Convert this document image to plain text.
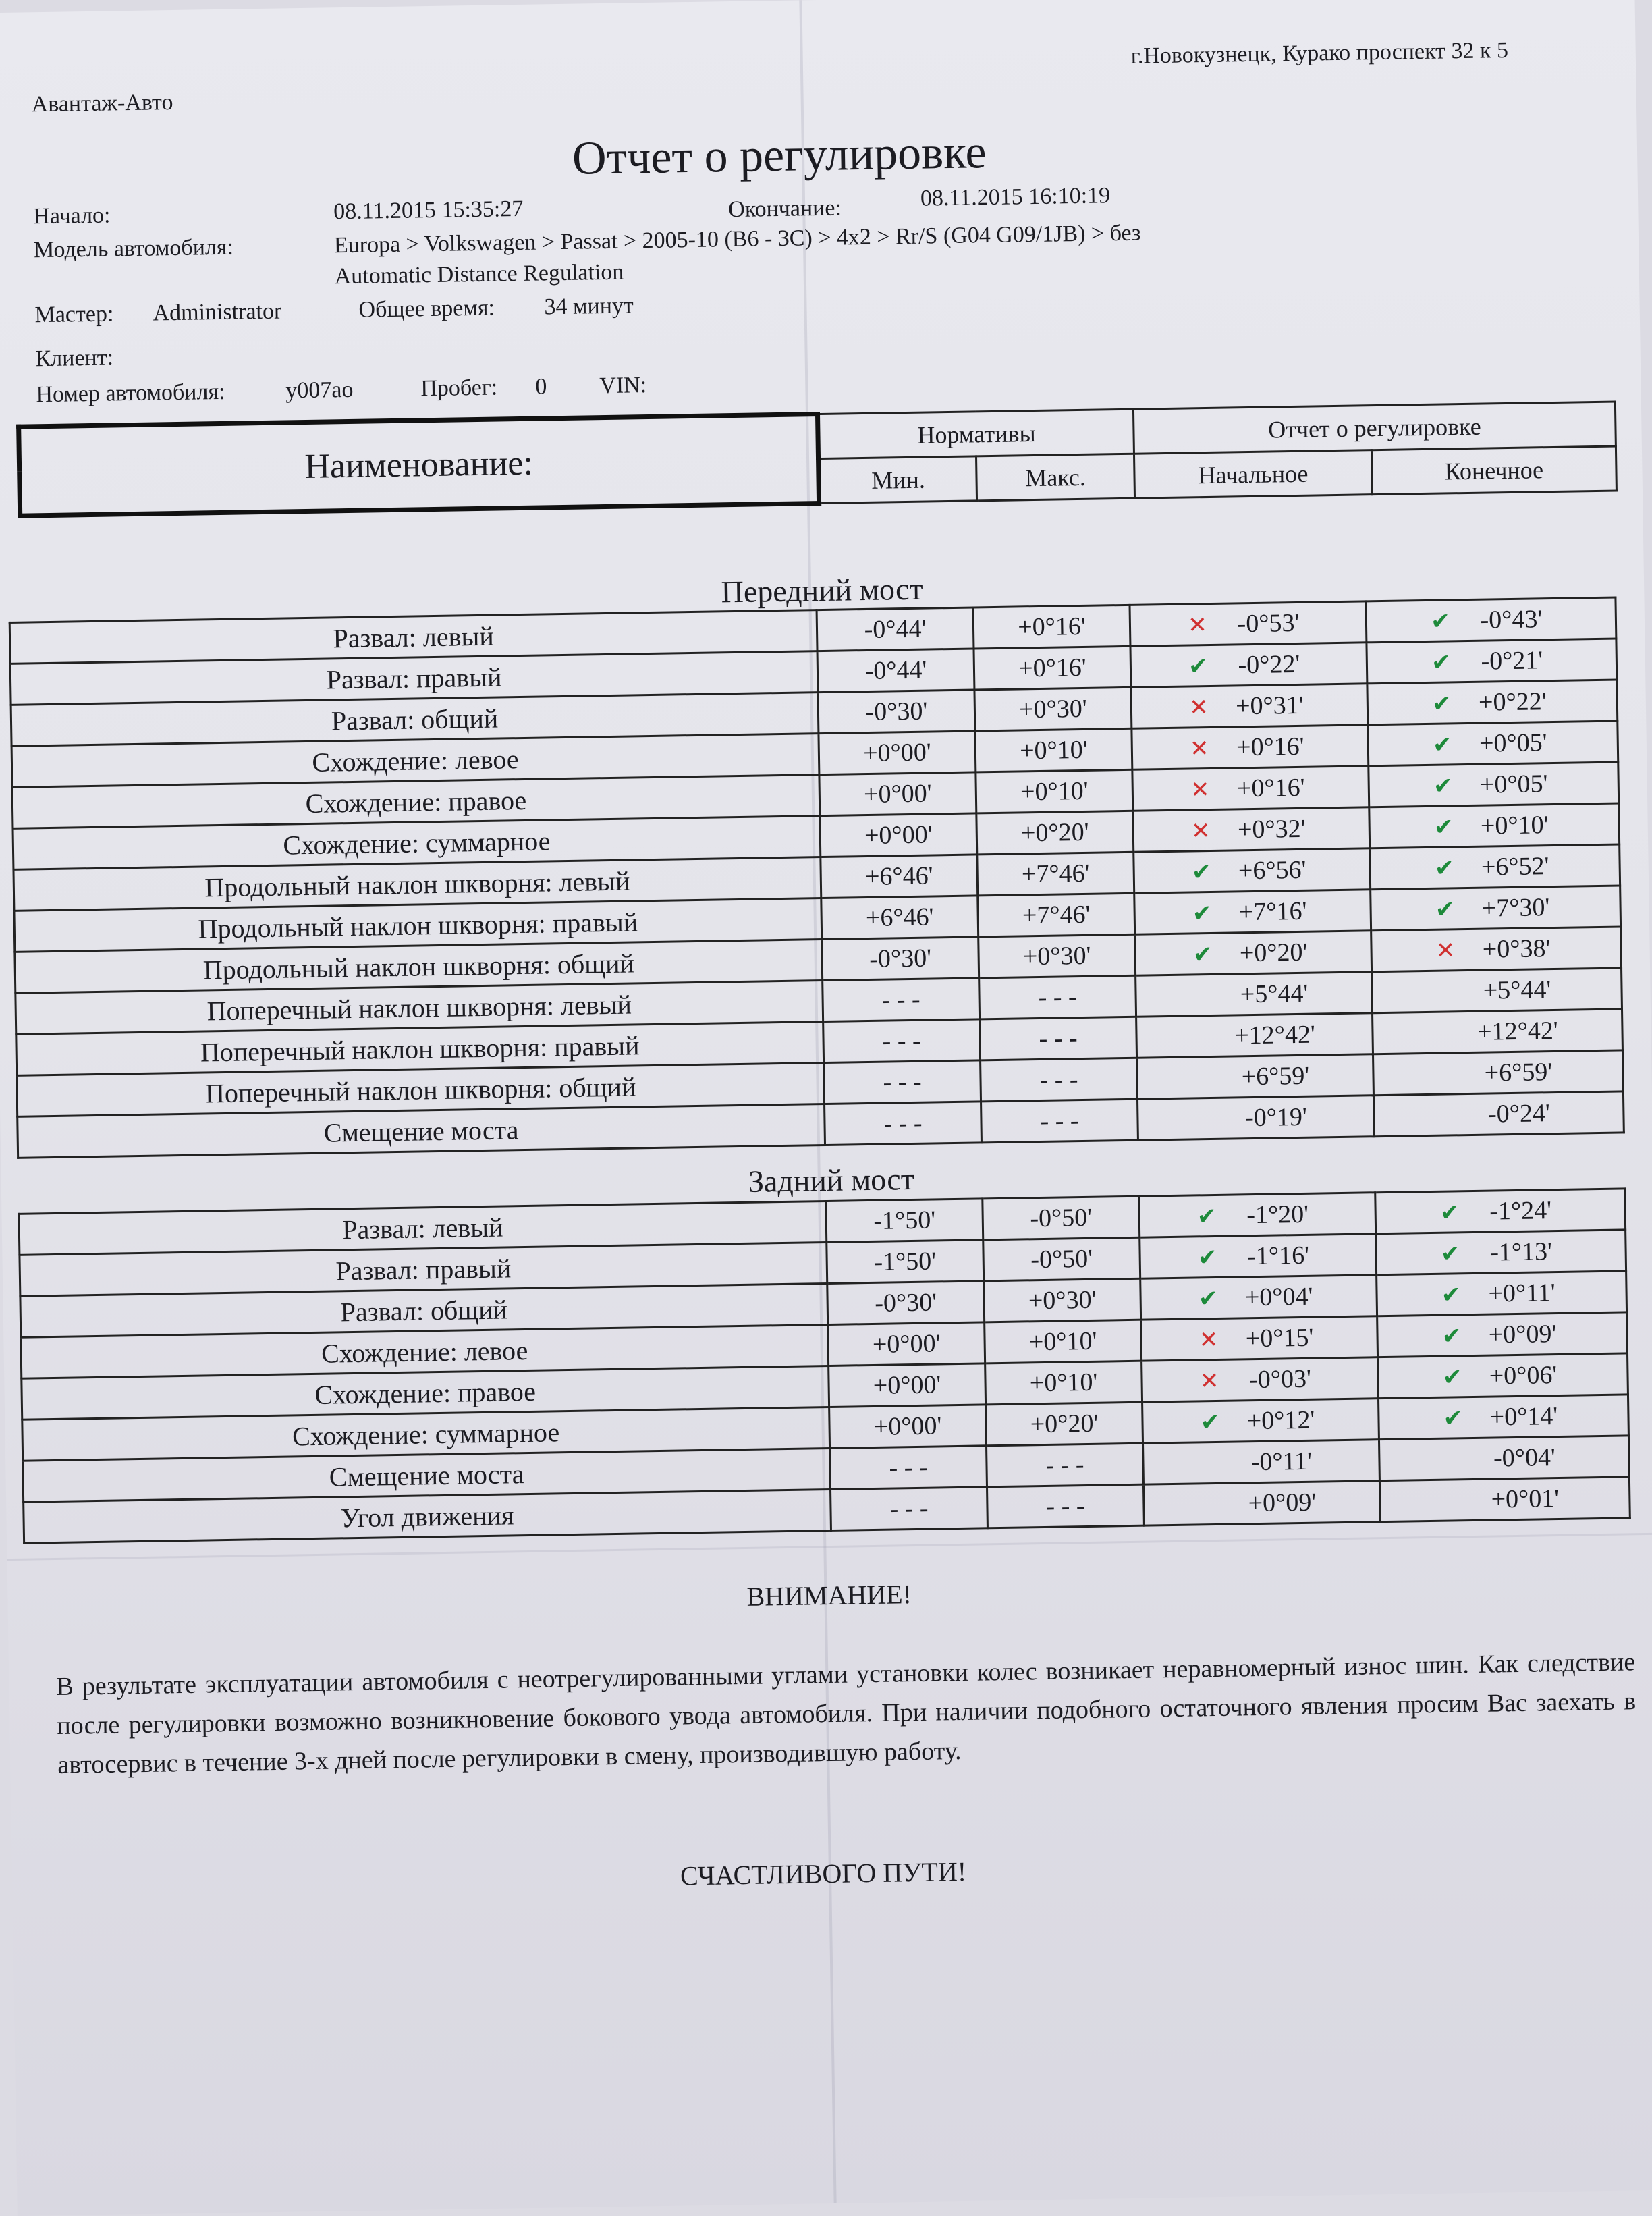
Авантаж-Авто
г.Новокузнецк, Курако проспект 32 к 5
Отчет о регулировке
Начало:	08.11.2015 15:35:27	Окончание:	08.11.2015 16:10:19
Модель автомобиля:	Europa > Volkswagen > Passat > 2005-10 (B6 - 3C) > 4x2 > Rr/S (G04 G09/1JB) > без
Automatic Distance Regulation
Мастер: Administrator	Общее время: 34 минут
Клиент:
Номер автомобиля:	у007ао	Пробег: 0 VIN:
Наименование:	Нормативы		Отчет о регулировке	
	Мин.	Макс.	Начальное	Конечное
Передний мост
Развал: левый	-0°44'	+0°16'	✕ -0°53'	✔ -0°43'
Развал: правый	-0°44'	+0°16'	✔ -0°22'	✔ -0°21'
Развал: общий	-0°30'	+0°30'	✕ +0°31'	✔ +0°22'
Схождение: левое	+0°00'	+0°10'	✕ +0°16'	✔ +0°05'
Схождение: правое	+0°00'	+0°10'	✕ +0°16'	✔ +0°05'
Схождение: суммарное	+0°00'	+0°20'	✕ +0°32'	✔ +0°10'
Продольный наклон шкворня: левый	+6°46'	+7°46'	✔ +6°56'	✔ +6°52'
Продольный наклон шкворня: правый	+6°46'	+7°46'	✔ +7°16'	✔ +7°30'
Продольный наклон шкворня: общий	-0°30'	+0°30'	✔ +0°20'	✕ +0°38'
Поперечный наклон шкворня: левый	- - -	- - -	+5°44'	+5°44'
Поперечный наклон шкворня: правый	- - -	- - -	+12°42'	+12°42'
Поперечный наклон шкворня: общий	- - -	- - -	+6°59'	+6°59'
Смещение моста	- - -	- - -	-0°19'	-0°24'
Задний мост
Развал: левый	-1°50'	-0°50'	✔ -1°20'	✔ -1°24'
Развал: правый	-1°50'	-0°50'	✔ -1°16'	✔ -1°13'
Развал: общий	-0°30'	+0°30'	✔ +0°04'	✔ +0°11'
Схождение: левое	+0°00'	+0°10'	✕ +0°15'	✔ +0°09'
Схождение: правое	+0°00'	+0°10'	✕ -0°03'	✔ +0°06'
Схождение: суммарное	+0°00'	+0°20'	✔ +0°12'	✔ +0°14'
Смещение моста	- - -	- - -	-0°11'	-0°04'
Угол движения	- - -	- - -	+0°09'	+0°01'
ВНИМАНИЕ!
В результате эксплуатации автомобиля с неотрегулированными углами установки колес возникает неравномерный износ шин. Как следствие после регулировки возможно возникновение бокового увода автомобиля. При наличии подобного остаточного явления просим Вас заехать в автосервис в течение 3-х дней после регулировки в смену, производившую работу.
СЧАСТЛИВОГО ПУТИ!
